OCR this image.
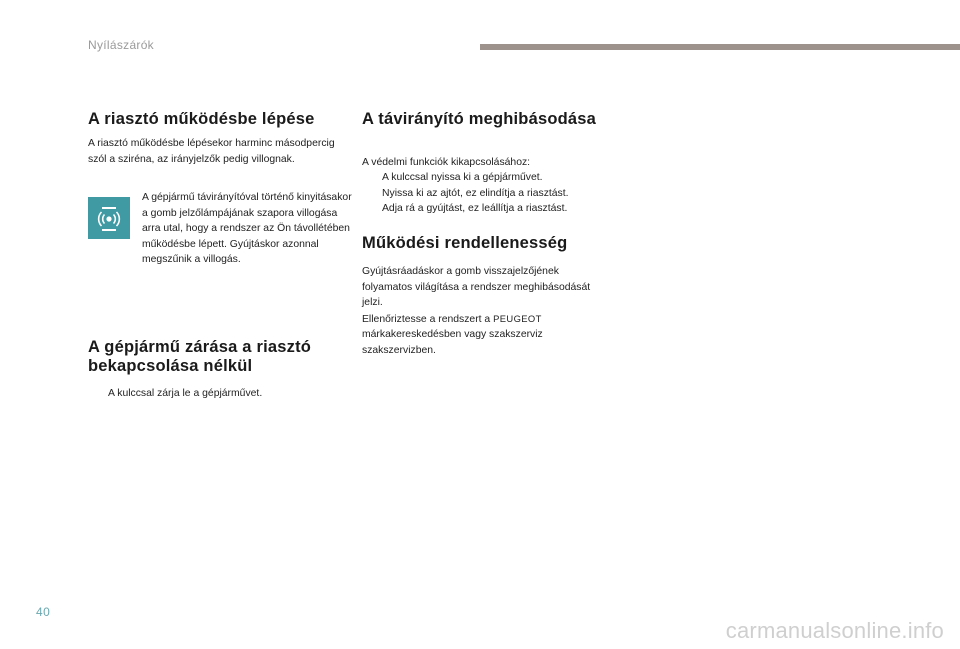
Nyílászárók
A riasztó működésbe lépése

A riasztó működésbe lépésekor harminc másodpercig szól a sziréna, az irányjelzők pedig villognak.

A gépjármű távirányítóval történő kinyitásakor a gomb jelzőlámpájának szapora villogása arra utal, hogy a rendszer az Ön távollétében működésbe lépett. Gyújtáskor azonnal megszűnik a villogás.

A gépjármű zárása a riasztó bekapcsolása nélkül

A kulccsal zárja le a gépjárművet.

A távirányító meghibásodása

A védelmi funkciók kikapcsolásához:

A kulccsal nyissa ki a gépjárművet.

Nyissa ki az ajtót, ez elindítja a riasztást.

Adja rá a gyújtást, ez leállítja a riasztást.

Működési rendellenesség

Gyújtásráadáskor a gomb visszajelzőjének folyamatos világítása a rendszer meghibásodását jelzi.

Ellenőriztesse a rendszert a PEUGEOT márkakereskedésben vagy szakszerviz szakszervizben.

40
carmanualsonline.info
